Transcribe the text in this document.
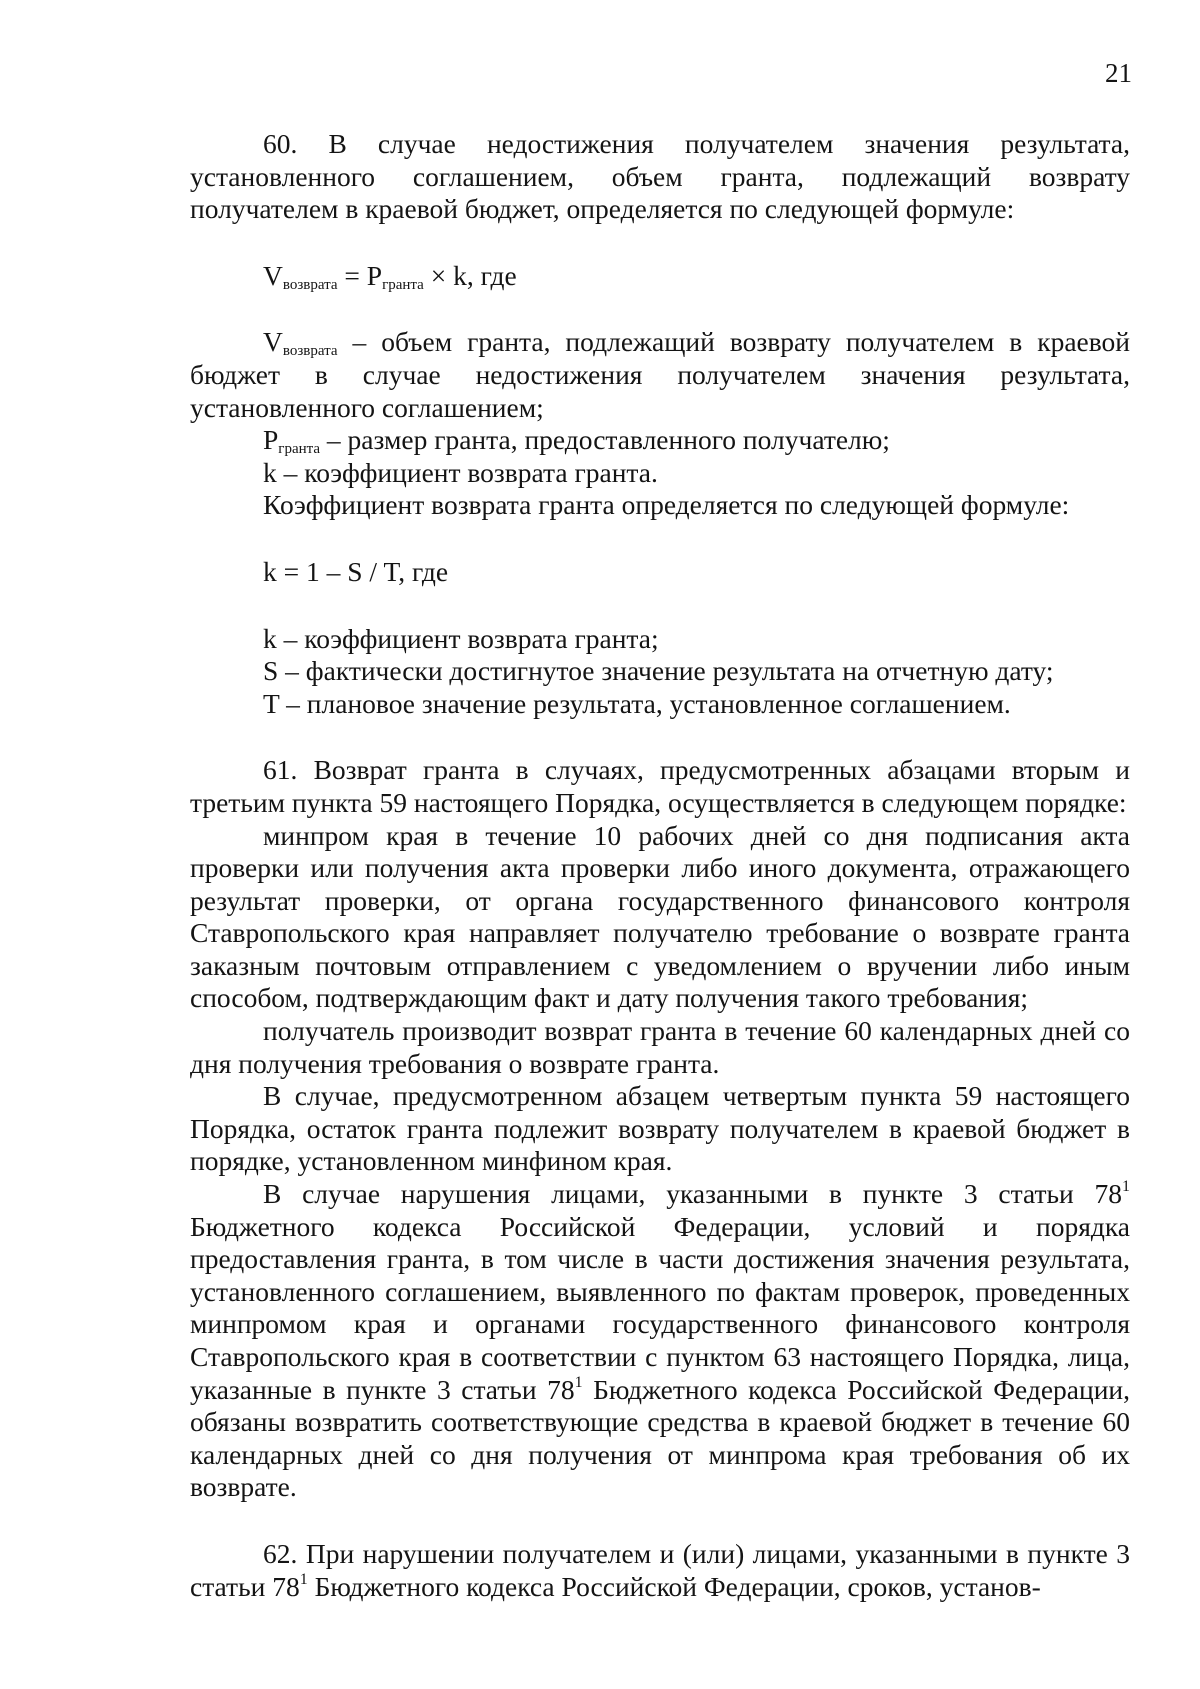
21

60. В случае недостижения получателем значения результата, установленного соглашением, объем гранта, подлежащий возврату получателем в краевой бюджет, определяется по следующей формуле:

$V_{возврата} = P_{гранта} \times k$, где

$V_{возврата}$ – объем гранта, подлежащий возврату получателем в краевой бюджет в случае недостижения получателем значения результата, установленного соглашением;

$P_{гранта}$ – размер гранта, предоставленного получателю;

k – коэффициент возврата гранта.

Коэффициент возврата гранта определяется по следующей формуле:

k = 1 – S / T, где

k – коэффициент возврата гранта;

S – фактически достигнутое значение результата на отчетную дату;

T – плановое значение результата, установленное соглашением.

61. Возврат гранта в случаях, предусмотренных абзацами вторым и третьим пункта 59 настоящего Порядка, осуществляется в следующем порядке:

минпром края в течение 10 рабочих дней со дня подписания акта проверки или получения акта проверки либо иного документа, отражающего результат проверки, от органа государственного финансового контроля Ставропольского края направляет получателю требование о возврате гранта заказным почтовым отправлением с уведомлением о вручении либо иным способом, подтверждающим факт и дату получения такого требования;

получатель производит возврат гранта в течение 60 календарных дней со дня получения требования о возврате гранта.

В случае, предусмотренном абзацем четвертым пункта 59 настоящего Порядка, остаток гранта подлежит возврату получателем в краевой бюджет в порядке, установленном минфином края.

В случае нарушения лицами, указанными в пункте 3 статьи $78^1$ Бюджетного кодекса Российской Федерации, условий и порядка предоставления гранта, в том числе в части достижения значения результата, установленного соглашением, выявленного по фактам проверок, проведенных минпромом края и органами государственного финансового контроля Ставропольского края в соответствии с пунктом 63 настоящего Порядка, лица, указанные в пункте 3 статьи $78^1$ Бюджетного кодекса Российской Федерации, обязаны возвратить соответствующие средства в краевой бюджет в течение 60 календарных дней со дня получения от минпрома края требования об их возврате.

62. При нарушении получателем и (или) лицами, указанными в пункте 3 статьи $78^1$ Бюджетного кодекса Российской Федерации, сроков, установ-
